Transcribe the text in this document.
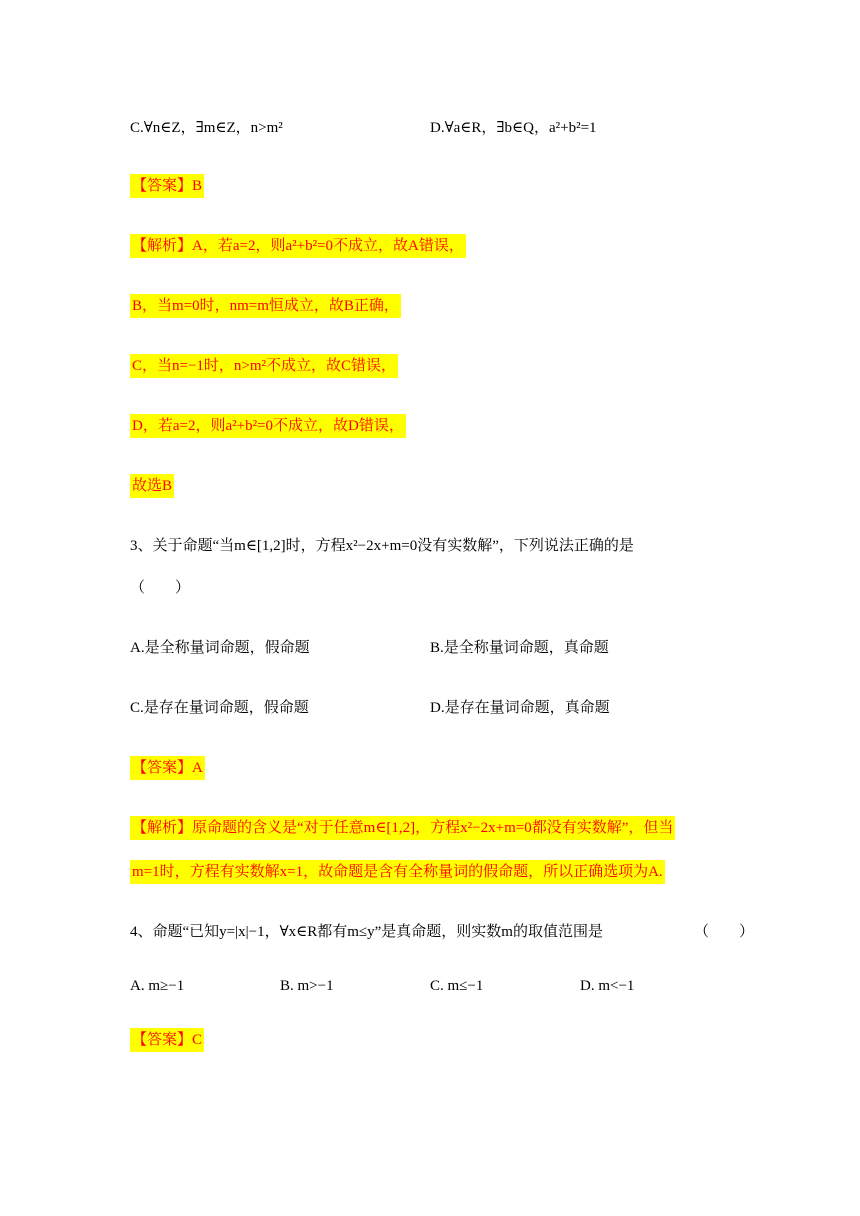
C.∀n∈Z，∃m∈Z，n>m²	D.∀a∈R，∃b∈Q，a²+b²=1
【答案】B
【解析】A，若a=2，则a²+b²=0不成立，故A错误，
B，当m=0时，nm=m恒成立，故B正确，
C，当n=−1时，n>m²不成立，故C错误，
D，若a=2，则a²+b²=0不成立，故D错误，
故选B
3、关于命题“当m∈[1,2]时，方程x²−2x+m=0没有实数解”，下列说法正确的是
（　　）
A.是全称量词命题，假命题	B.是全称量词命题，真命题
C.是存在量词命题，假命题	D.是存在量词命题，真命题
【答案】A
【解析】原命题的含义是“对于任意m∈[1,2]，方程x²−2x+m=0都没有实数解”，但当
m=1时，方程有实数解x=1，故命题是含有全称量词的假命题，所以正确选项为A.
4、命题“已知y=|x|−1，∀x∈R都有m≤y”是真命题，则实数m的取值范围是	（　　）
A. m≥−1	B. m>−1	C. m≤−1	D. m<−1
【答案】C
